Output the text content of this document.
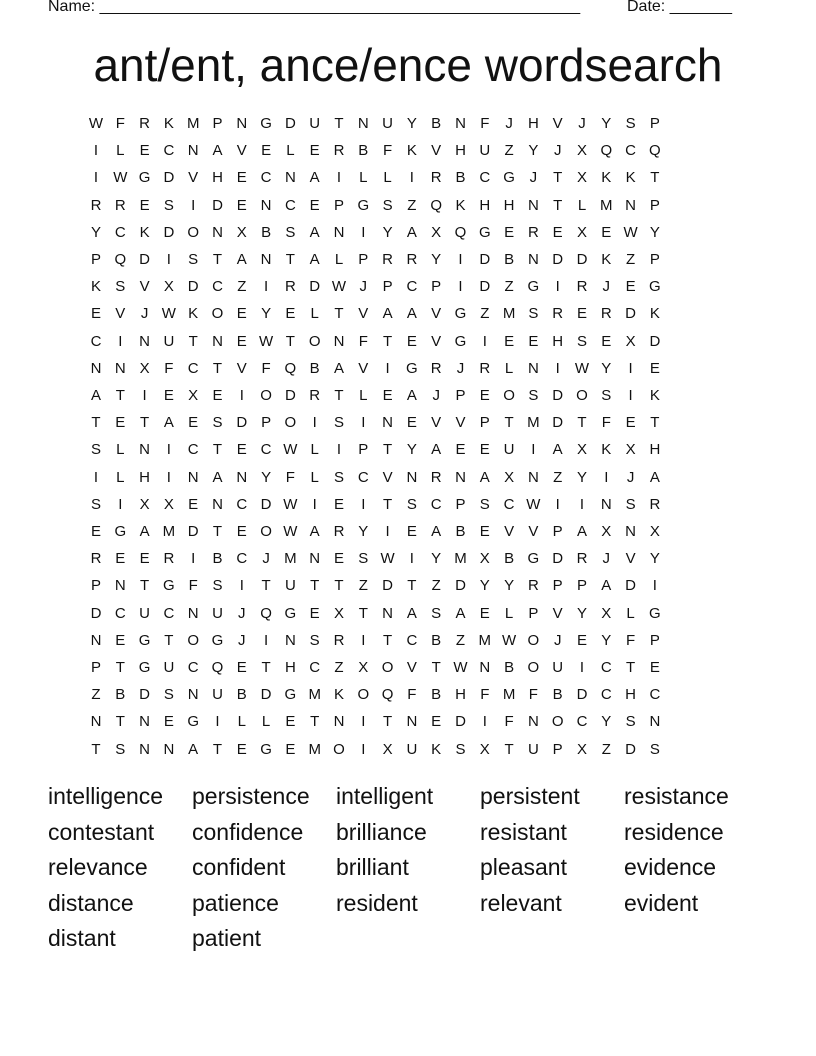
Name: ______________________________________________________	Date: _______
ant/ent, ance/ence wordsearch
W F R K M P N G D U T N U Y B N F	J	H V	J	Y S P
I	L	E C N A V E	L	E R B F K V H U Z Y	J	X Q C Q
I	W G D V H E C N A	I	L	L	I	R B C G J	T X K K T
R R E S	I	D E N C E P G S Z Q K H H N T	L M N P
Y C K D O N X B S A N	I	Y A X Q G E R E X E W Y
P Q D	I	S T A N T A	L	P R R Y	I	D B N D D K Z P
K S V X D C Z	I	R D W J	P C P	I	D Z G	I	R	J	E G
E V	J W K O E Y E	L	T V A A V G Z M S R E R D K
C	I	N U T N E W T O N F	T E V G	I	E E H S E X D
N N X F C T V F Q B A V	I	G R	J	R L N	I	W Y	I	E
A T	I	E X E	I	O D R T	L	E A	J	P E O S D O S	I	K
T E T A E S D P O	I	S	I	N E V V P T M D T	F E T
S	L N	I	C T E C W L	I	P T Y A E E U	I	A X K X H
I	L H	I	N A N Y F	L	S C V N R N A X N Z Y	I	J	A
S	I	X X E N C D W	I	E	I	T S C P S C W	I	I	N S R
E G A M D T E O W A R Y	I	E A B E V V P A X N X
R E E R	I	B C	J M N E S W	I	Y M X B G D R	J	V Y
P N T G F S	I	T U T	T	Z D T	Z D Y Y R P P A D	I
D C U C N U	J Q G E X T N A S A E	L	P V Y X	L G
N E G T O G J	I	N S R	I	T C B Z M W O J	E Y F P
P T G U C Q E T H C Z X O V T W N B O U	I	C T E
Z B D S N U B D G M K O Q F B H F M F B D C H C
N T N E G	I	L	L	E T N	I	T N E D	I	F N O C Y S N
T S N N A T E G E M O	I	X U K S X T U P X Z D S
intelligence persistence intelligent persistent resistance
contestant confidence brilliance resistant residence
relevance confident brilliant	pleasant evidence
distance	patience resident	relevant	evident
distant	patient
